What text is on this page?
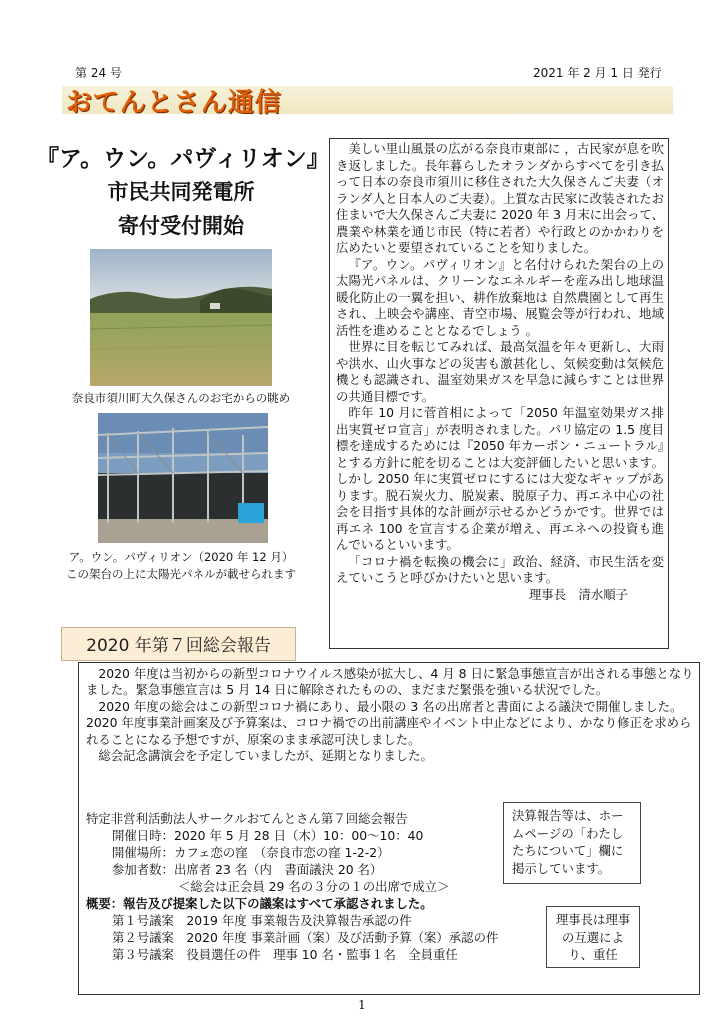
第 24 号	2021 年 2 月 1 日 発行
おてんとさん通信
『ア。ウン。パヴィリオン』
市民共同発電所
寄付受付開始
奈良市須川町大久保さんのお宅からの眺め
ア。ウン。パヴィリオン（2020 年 12 月）
この架台の上に太陽光パネルが載せられます

美しい里山風景の広がる奈良市東部に ，古民家が息を吹き返しました。長年暮らしたオランダからすべてを引き払って日本の奈良市須川に移住された大久保さんご夫妻（オランダ人と日本人のご夫妻）。上質な古民家に改装されたお住まいで大久保さんご夫妻に 2020 年 3 月末に出会って、農業や林業を通じ市民（特に若者）や行政とのかかわりを広めたいと要望されていることを知りました。

『ア。ウン。パヴィリオン』と名付けられた架台の上の太陽光パネルは、クリーンなエネルギーを産み出し地球温暖化防止の一翼を担い、耕作放棄地は 自然農園として再生され、上映会や講座、青空市場、展覧会等が行われ、地域活性を進めることとなるでしょう 。

世界に目を転じてみれば、最高気温を年々更新し、大雨や洪水、山火事などの災害も激甚化し、気候変動は気候危機とも認識され、温室効果ガスを早急に減らすことは世界の共通目標です。

昨年 10 月に菅首相によって「2050 年温室効果ガス排出実質ゼロ宣言」が表明されました。パリ協定の 1.5 度目標を達成するためには『2050 年カーボン・ニュートラル』とする方針に舵を切ることは大変評価したいと思います。しかし 2050 年に実質ゼロにするには大変なギャップがあります。脱石炭火力、脱炭素、脱原子力、再エネ中心の社会を目指す具体的な計画が示せるかどうかです。世界では再エネ 100 を宣言する企業が増え、再エネへの投資も進んでいるといいます。

「コロナ禍を転換の機会に」政治、経済、市民生活を変えていこうと呼びかけたいと思います。

理事長　清水順子

2020 年第７回総会報告

2020 年度は当初からの新型コロナウイルス感染が拡大し、4 月 8 日に緊急事態宣言が出される事態となりました。緊急事態宣言は 5 月 14 日に解除されたものの、まだまだ緊張を強いる状況でした。

2020 年度の総会はこの新型コロナ禍にあり、最小限の 3 名の出席者と書面による議決で開催しました。2020 年度事業計画案及び予算案は、コロナ禍での出前講座やイベント中止などにより、かなり修正を求められることになる予想ですが、原案のまま承認可決しました。

総会記念講演会を予定していましたが、延期となりました。

特定非営利活動法人サークルおてんとさん第７回総会報告
開催日時：2020 年 5 月 28 日（木）10：00〜10：40
開催場所：カフェ恋の窪　（奈良市恋の窪 1-2-2）
参加者数：出席者 23 名（内　書面議決 20 名）
＜総会は正会員 29 名の３分の１の出席で成立＞
概要：報告及び提案した以下の議案はすべて承認されました。
第１号議案　2019 年度 事業報告及決算報告承認の件
第２号議案　2020 年度 事業計画（案）及び活動予算（案）承認の件
第３号議案　役員選任の件　理事 10 名・監事１名　全員重任
決算報告等は、ホームページの「わたしたちについて」欄に掲示しています。
理事長は理事の互選により、重任
1
